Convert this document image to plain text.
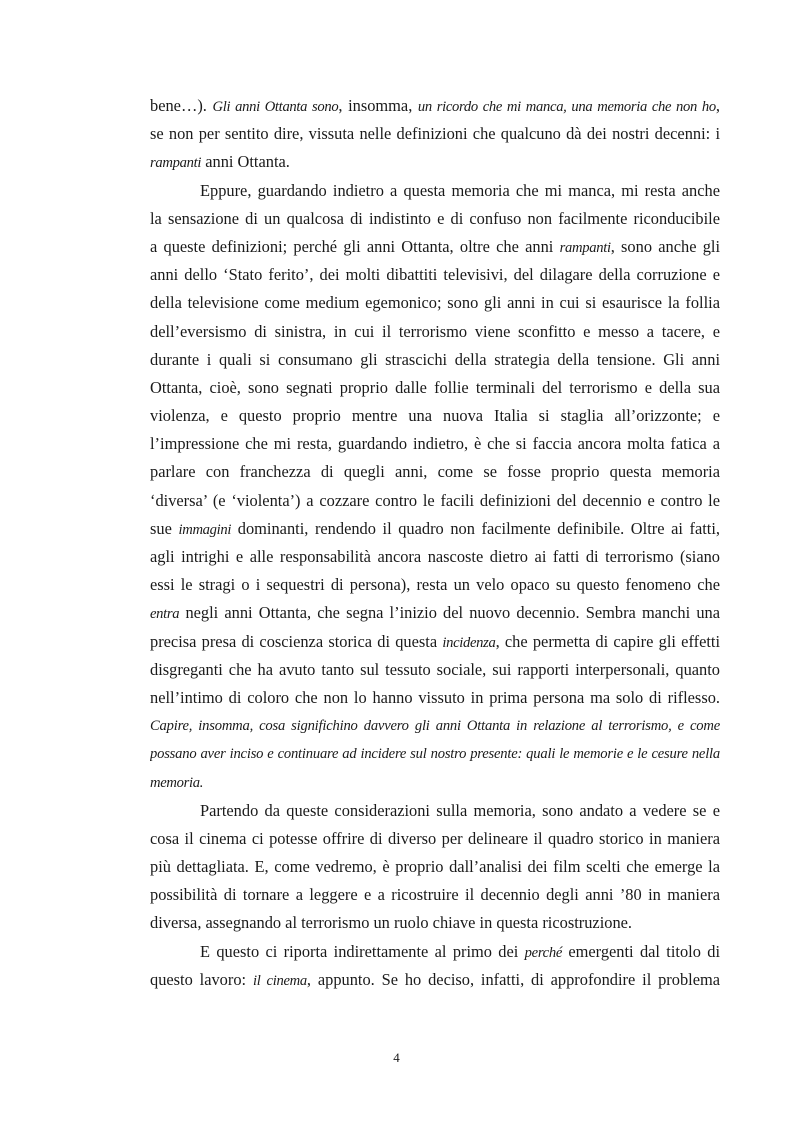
bene…). Gli anni Ottanta sono, insomma, un ricordo che mi manca, una memoria che non ho,
se non per sentito dire, vissuta nelle definizioni che qualcuno dà dei nostri decenni: i
rampanti anni Ottanta.
Eppure, guardando indietro a questa memoria che mi manca, mi resta anche
la sensazione di un qualcosa di indistinto e di confuso non facilmente riconducibile
a queste definizioni; perché gli anni Ottanta, oltre che anni rampanti, sono anche gli
anni dello ‘Stato ferito’, dei molti dibattiti televisivi, del dilagare della corruzione e
della televisione come medium egemonico; sono gli anni in cui si esaurisce la follia
dell’eversismo di sinistra, in cui il terrorismo viene sconfitto e messo a tacere, e
durante i quali si consumano gli strascichi della strategia della tensione. Gli anni
Ottanta, cioè, sono segnati proprio dalle follie terminali del terrorismo e della sua
violenza, e questo proprio mentre una nuova Italia si staglia all’orizzonte; e
l’impressione che mi resta, guardando indietro, è che si faccia ancora molta fatica a
parlare con franchezza di quegli anni, come se fosse proprio questa memoria
‘diversa’ (e ‘violenta’) a cozzare contro le facili definizioni del decennio e contro le
sue immagini dominanti, rendendo il quadro non facilmente definibile. Oltre ai fatti,
agli intrighi e alle responsabilità ancora nascoste dietro ai fatti di terrorismo (siano
essi le stragi o i sequestri di persona), resta un velo opaco su questo fenomeno che
entra negli anni Ottanta, che segna l’inizio del nuovo decennio. Sembra manchi una
precisa presa di coscienza storica di questa incidenza, che permetta di capire gli effetti
disgreganti che ha avuto tanto sul tessuto sociale, sui rapporti interpersonali, quanto
nell’intimo di coloro che non lo hanno vissuto in prima persona ma solo di riflesso.
Capire, insomma, cosa significhino davvero gli anni Ottanta in relazione al terrorismo, e come
possano aver inciso e continuare ad incidere sul nostro presente: quali le memorie e le cesure nella
memoria.
Partendo da queste considerazioni sulla memoria, sono andato a vedere se e
cosa il cinema ci potesse offrire di diverso per delineare il quadro storico in maniera
più dettagliata. E, come vedremo, è proprio dall’analisi dei film scelti che emerge la
possibilità di tornare a leggere e a ricostruire il decennio degli anni ’80 in maniera
diversa, assegnando al terrorismo un ruolo chiave in questa ricostruzione.
E questo ci riporta indirettamente al primo dei perché emergenti dal titolo di
questo lavoro: il cinema, appunto. Se ho deciso, infatti, di approfondire il problema
4
